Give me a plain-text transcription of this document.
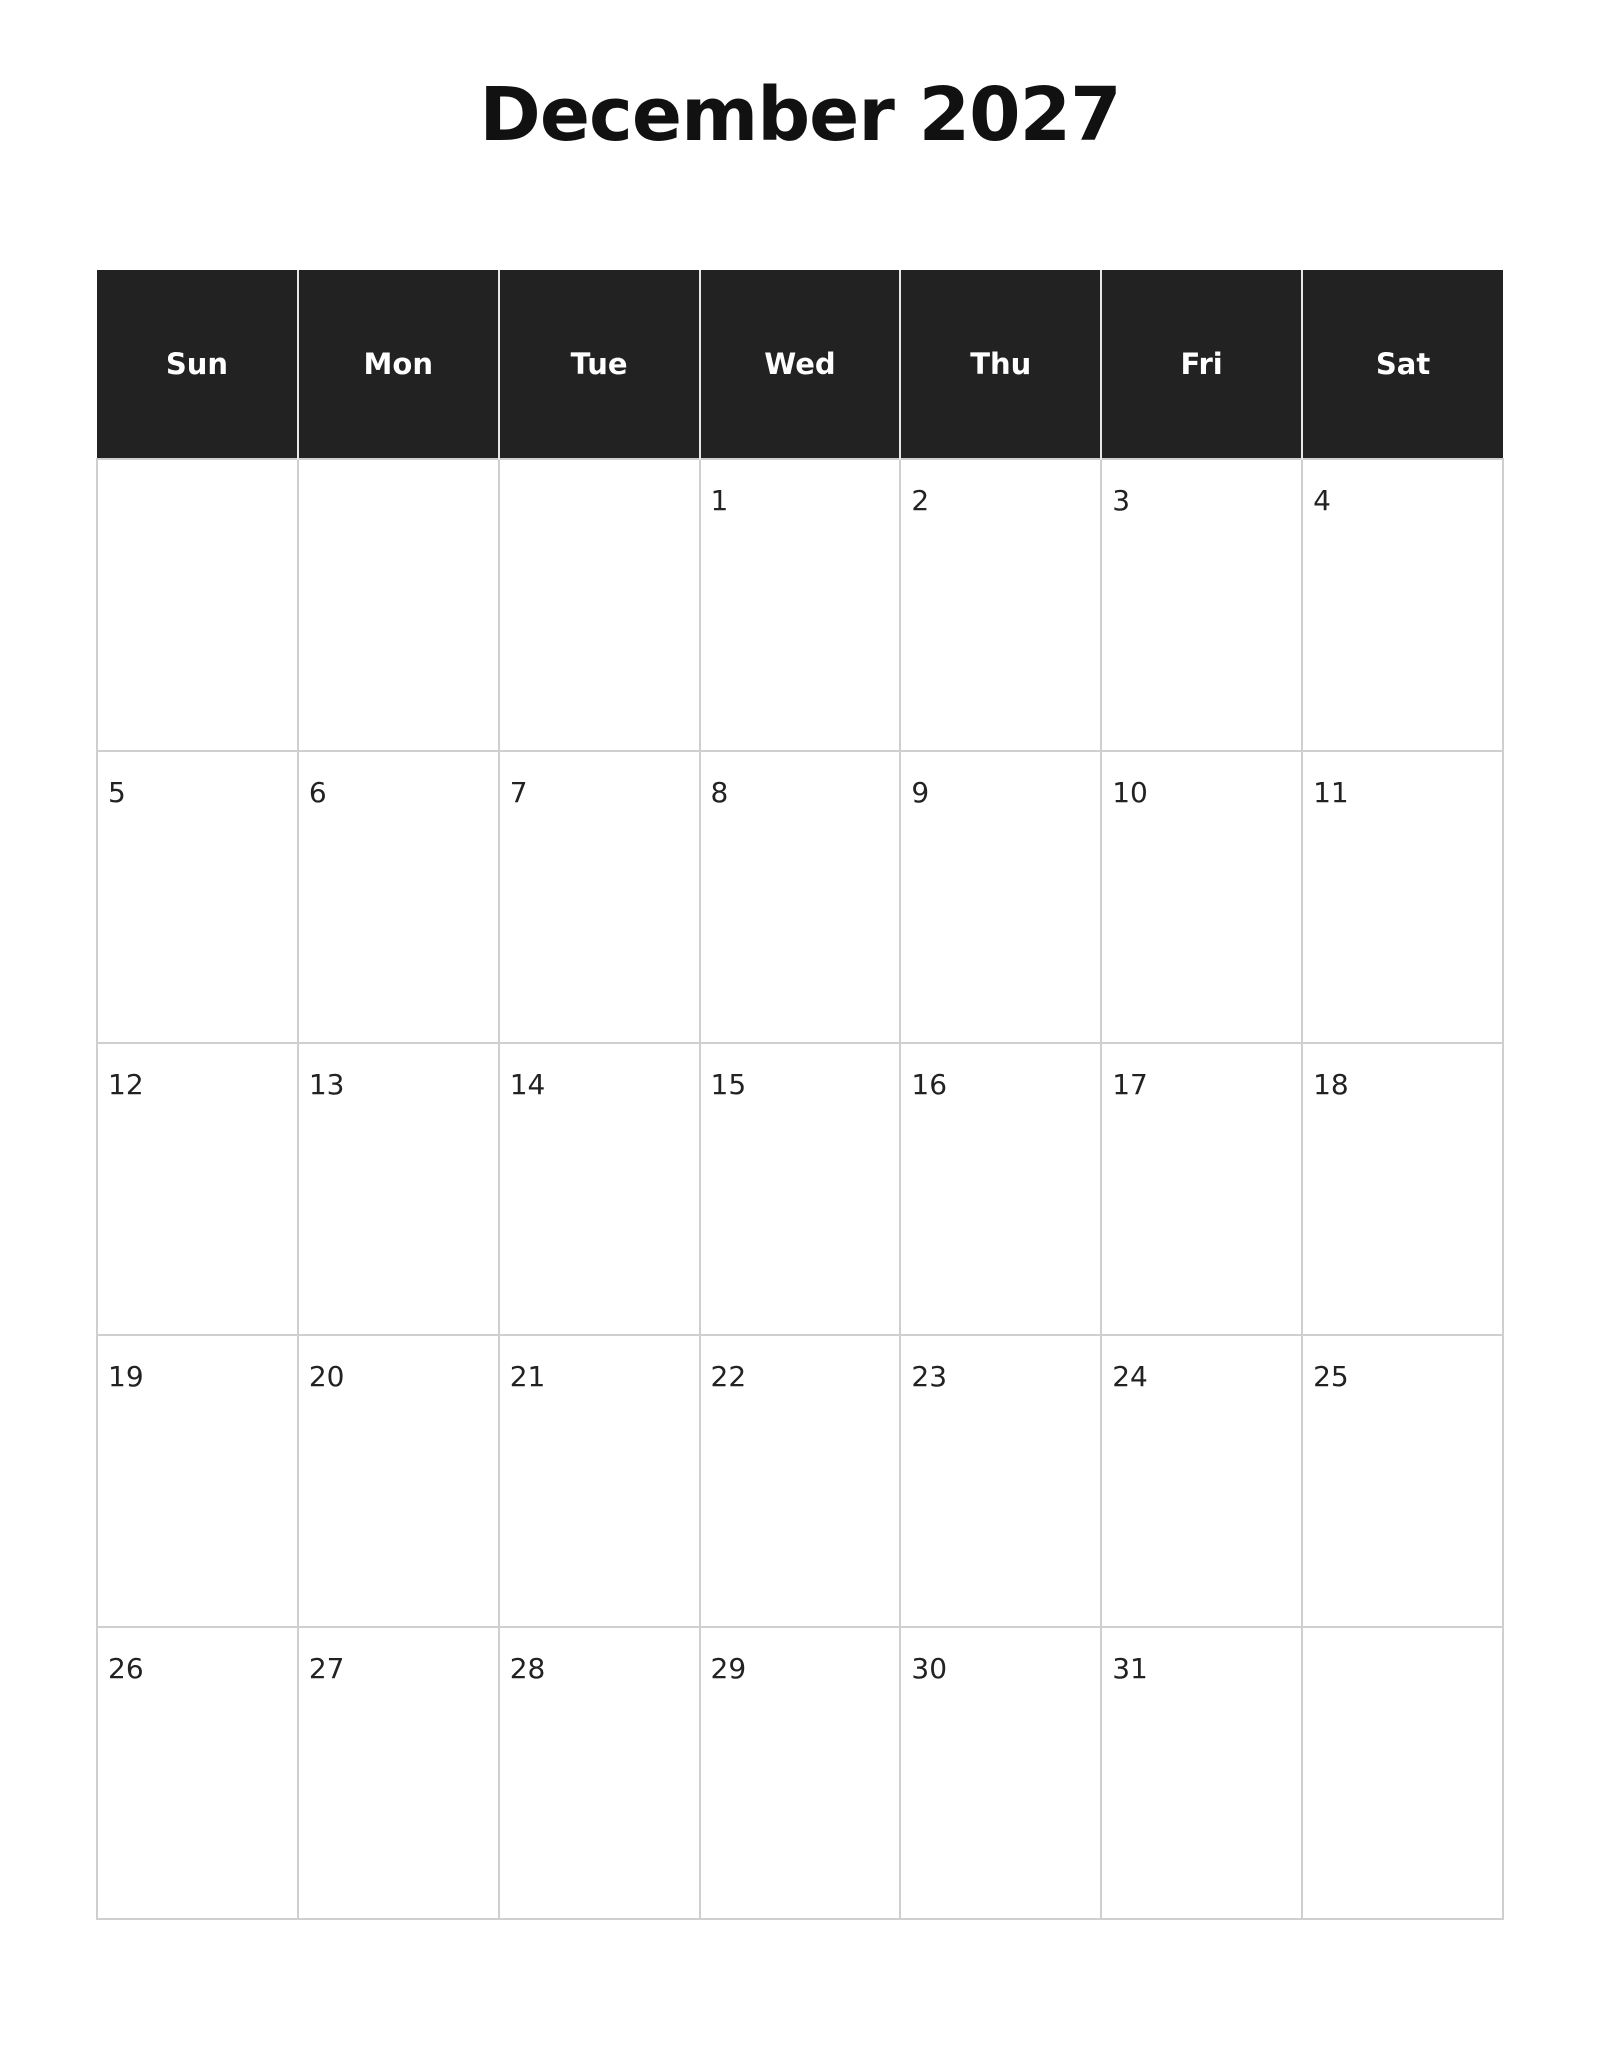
December 2027
Sun	Mon	Tue	Wed	Thu	Fri	Sat

			1	2	3	4

5	6	7	8	9	10	11

12	13	14	15	16	17	18

19	20	21	22	23	24	25

26	27	28	29	30	31	
